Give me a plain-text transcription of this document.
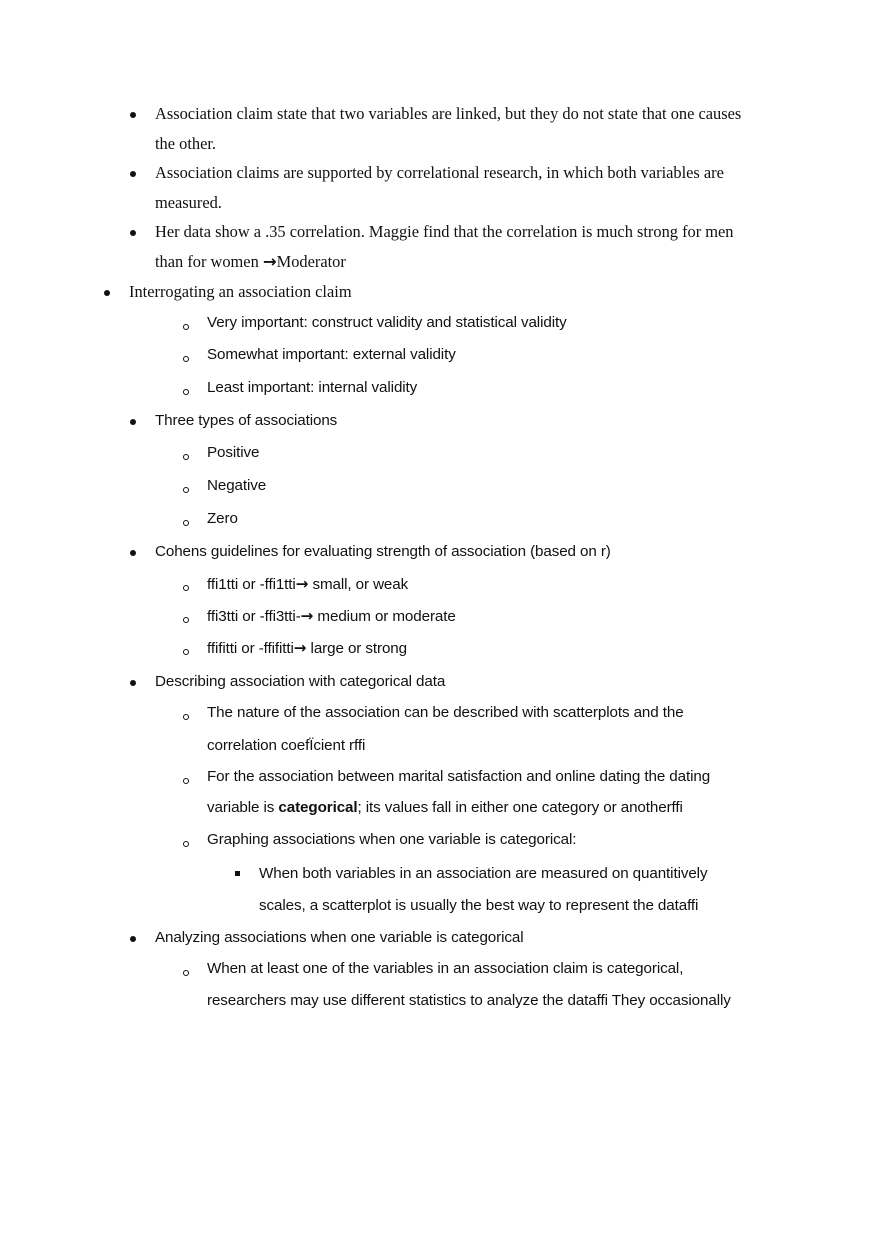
Association claim state that two variables are linked, but they do not state that one causes
the other.
Association claims are supported by correlational research, in which both variables are
measured.
Her data show a .35 correlation. Maggie find that the correlation is much strong for men
than for women →Moderator
Interrogating an association claim
Very important: construct validity and statistical validity
Somewhat important: external validity
Least important: internal validity
Three types of associations
Positive
Negative
Zero
Cohens guidelines for evaluating strength of association (based on r)
ffi1tti or -ffi1tti→ small, or weak
ffi3tti or -ffi3tti-→ medium or moderate
ffifitti or -ffifitti→ large or strong
Describing association with categorical data
The nature of the association can be described with scatterplots and the
correlation coefÏcient rffi
For the association between marital satisfaction and online dating the dating
variable is categorical; its values fall in either one category or anotherffi
Graphing associations when one variable is categorical:
When both variables in an association are measured on quantitively
scales, a scatterplot is usually the best way to represent the dataffi
Analyzing associations when one variable is categorical
When at least one of the variables in an association claim is categorical,
researchers may use different statistics to analyze the dataffi They occasionally
